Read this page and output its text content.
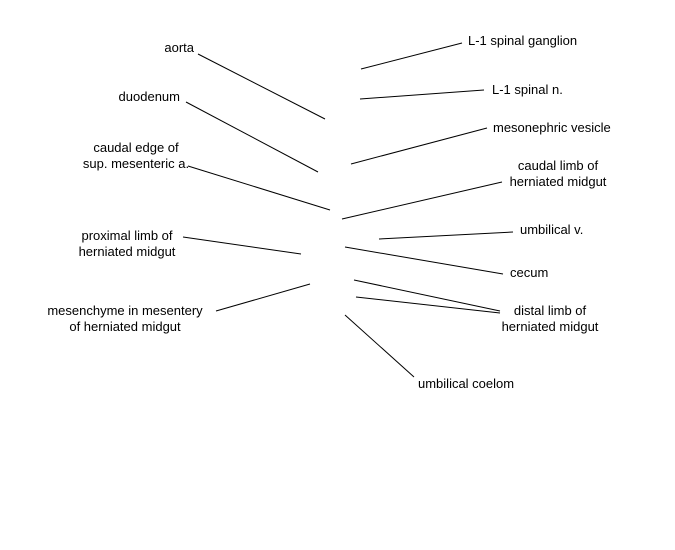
aorta
duodenum
caudal edge of
sup. mesenteric a.
proximal limb of
herniated midgut
mesenchyme in mesentery
of herniated midgut
L-1 spinal ganglion
L-1 spinal n.
mesonephric vesicle
caudal limb of
herniated midgut
umbilical v.
cecum
distal limb of
herniated midgut
umbilical coelom
